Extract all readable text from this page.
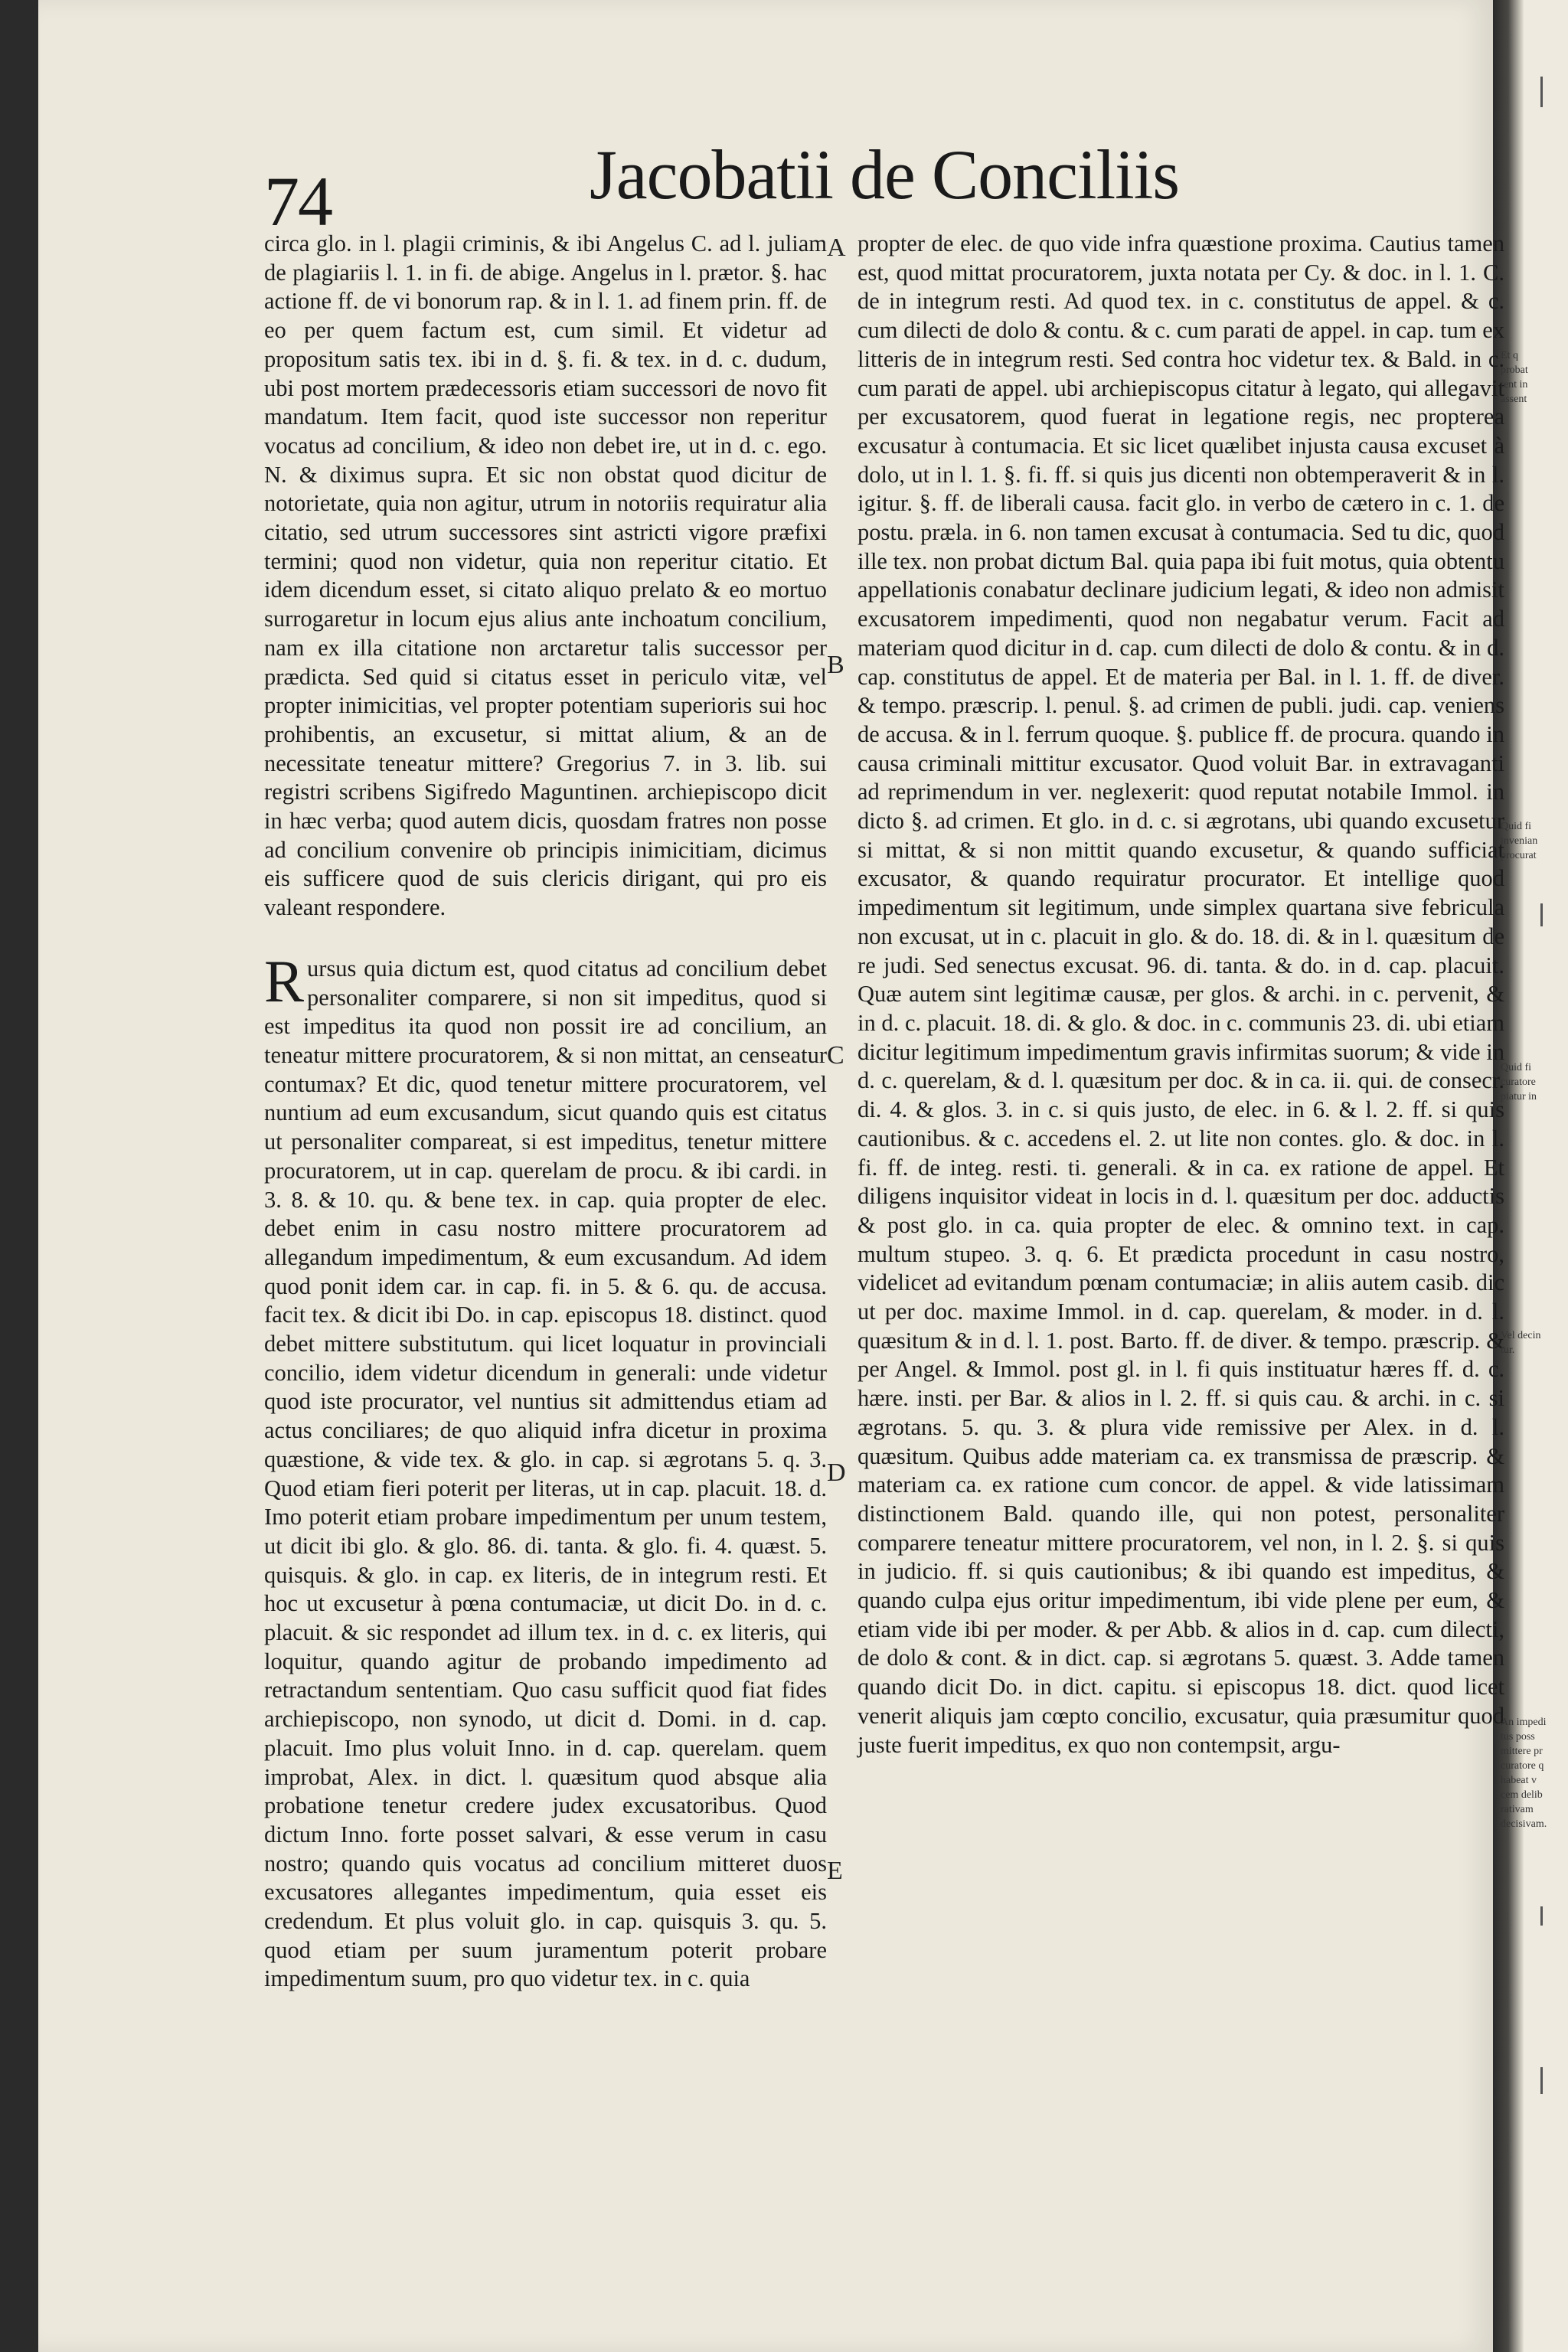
74	Jacobatii de Conciliis

circa glo. in l. plagii criminis, & ibi Angelus C. ad l. juliam de plagiariis l. 1. in fi. de abige. Angelus in l. prætor. §. hac actione ff. de vi bonorum rap. & in l. 1. ad finem prin. ff. de eo per quem factum est, cum simil. Et videtur ad propositum satis tex. ibi in d. §. fi. & tex. in d. c. dudum, ubi post mortem prædecessoris etiam successori de novo fit mandatum. Item facit, quod iste successor non reperitur vocatus ad concilium, & ideo non debet ire, ut in d. c. ego. N. & diximus supra. Et sic non obstat quod dicitur de notorietate, quia non agitur, utrum in notoriis requiratur alia citatio, sed utrum successores sint astricti vigore præfixi termini; quod non videtur, quia non reperitur citatio. Et idem dicendum esset, si citato aliquo prelato & eo mortuo surrogaretur in locum ejus alius ante inchoatum concilium, nam ex illa citatione non arctaretur talis successor per prædicta. Sed quid si citatus esset in periculo vitæ, vel propter inimicitias, vel propter potentiam superioris sui hoc prohibentis, an excusetur, si mittat alium, & an de necessitate teneatur mittere? Gregorius 7. in 3. lib. sui registri scribens Sigifredo Maguntinen. archiepiscopo dicit in hæc verba; quod autem dicis, quosdam fratres non posse ad concilium convenire ob principis inimicitiam, dicimus eis sufficere quod de suis clericis dirigant, qui pro eis valeant respondere.

Rursus quia dictum est, quod citatus ad concilium debet personaliter comparere, si non sit impeditus, quod si est impeditus ita quod non possit ire ad concilium, an teneatur mittere procuratorem, & si non mittat, an censeatur contumax? Et dic, quod tenetur mittere procuratorem, vel nuntium ad eum excusandum, sicut quando quis est citatus ut personaliter compareat, si est impeditus, tenetur mittere procuratorem, ut in cap. querelam de procu. & ibi cardi. in 3. 8. & 10. qu. & bene tex. in cap. quia propter de elec. debet enim in casu nostro mittere procuratorem ad allegandum impedimentum, & eum excusandum. Ad idem quod ponit idem car. in cap. fi. in 5. & 6. qu. de accusa. facit tex. & dicit ibi Do. in cap. episcopus 18. distinct. quod debet mittere substitutum. qui licet loquatur in provinciali concilio, idem videtur dicendum in generali: unde videtur quod iste procurator, vel nuntius sit admittendus etiam ad actus conciliares; de quo aliquid infra dicetur in proxima quæstione, & vide tex. & glo. in cap. si ægrotans 5. q. 3. Quod etiam fieri poterit per literas, ut in cap. placuit. 18. d. Imo poterit etiam probare impedimentum per unum testem, ut dicit ibi glo. & glo. 86. di. tanta. & glo. fi. 4. quæst. 5. quisquis. & glo. in cap. ex literis, de in integrum resti. Et hoc ut excusetur à pœna contumaciæ, ut dicit Do. in d. c. placuit. & sic respondet ad illum tex. in d. c. ex literis, qui loquitur, quando agitur de probando impedimento ad retractandum sententiam. Quo casu sufficit quod fiat fides archiepiscopo, non synodo, ut dicit d. Domi. in d. cap. placuit. Imo plus voluit Inno. in d. cap. querelam. quem improbat, Alex. in dict. l. quæsitum quod absque alia probatione tenetur credere judex excusatoribus. Quod dictum Inno. forte posset salvari, & esse verum in casu nostro; quando quis vocatus ad concilium mitteret duos excusatores allegantes impedimentum, quia esset eis credendum. Et plus voluit glo. in cap. quisquis 3. qu. 5. quod etiam per suum juramentum poterit probare impedimentum suum, pro quo videtur tex. in c. quia

propter de elec. de quo vide infra quæstione proxima. Cautius tamen est, quod mittat procuratorem, juxta notata per Cy. & doc. in l. 1. C. de in integrum resti. Ad quod tex. in c. constitutus de appel. & c. cum dilecti de dolo & contu. & c. cum parati de appel. in cap. tum ex litteris de in integrum resti. Sed contra hoc videtur tex. & Bald. in c. cum parati de appel. ubi archiepiscopus citatur à legato, qui allegavit per excusatorem, quod fuerat in legatione regis, nec propterea excusatur à contumacia. Et sic licet quælibet injusta causa excuset à dolo, ut in l. 1. §. fi. ff. si quis jus dicenti non obtemperaverit & in l. igitur. §. ff. de liberali causa. facit glo. in verbo de cætero in c. 1. de postu. præla. in 6. non tamen excusat à contumacia. Sed tu dic, quod ille tex. non probat dictum Bal. quia papa ibi fuit motus, quia obtentu appellationis conabatur declinare judicium legati, & ideo non admisit excusatorem impedimenti, quod non negabatur verum. Facit ad materiam quod dicitur in d. cap. cum dilecti de dolo & contu. & in d. cap. constitutus de appel. Et de materia per Bal. in l. 1. ff. de diver. & tempo. præscrip. l. penul. §. ad crimen de publi. judi. cap. veniens de accusa. & in l. ferrum quoque. §. publice ff. de procura. quando in causa criminali mittitur excusator. Quod voluit Bar. in extravaganti ad reprimendum in ver. neglexerit: quod reputat notabile Immol. in dicto §. ad crimen. Et glo. in d. c. si ægrotans, ubi quando excusetur si mittat, & si non mittit quando excusetur, & quando sufficiat excusator, & quando requiratur procurator. Et intellige quod impedimentum sit legitimum, unde simplex quartana sive febricula non excusat, ut in c. placuit in glo. & do. 18. di. & in l. quæsitum de re judi. Sed senectus excusat. 96. di. tanta. & do. in d. cap. placuit. Quæ autem sint legitimæ causæ, per glos. & archi. in c. pervenit, & in d. c. placuit. 18. di. & glo. & doc. in c. communis 23. di. ubi etiam dicitur legitimum impedimentum gravis infirmitas suorum; & vide in d. c. querelam, & d. l. quæsitum per doc. & in ca. ii. qui. de consecr. di. 4. & glos. 3. in c. si quis justo, de elec. in 6. & l. 2. ff. si quis cautionibus. & c. accedens el. 2. ut lite non contes. glo. & doc. in l. fi. ff. de integ. resti. ti. generali. & in ca. ex ratione de appel. Et diligens inquisitor videat in locis in d. l. quæsitum per doc. adductis & post glo. in ca. quia propter de elec. & omnino text. in cap. multum stupeo. 3. q. 6. Et prædicta procedunt in casu nostro, videlicet ad evitandum pœnam contumaciæ; in aliis autem casib. dic ut per doc. maxime Immol. in d. cap. querelam, & moder. in d. l. quæsitum & in d. l. 1. post. Barto. ff. de diver. & tempo. præscrip. & per Angel. & Immol. post gl. in l. fi quis instituatur hæres ff. d. c. hære. insti. per Bar. & alios in l. 2. ff. si quis cau. & archi. in c. si ægrotans. 5. qu. 3. & plura vide remissive per Alex. in d. l. quæsitum. Quibus adde materiam ca. ex transmissa de præscrip. & materiam ca. ex ratione cum concor. de appel. & vide latissimam distinctionem Bald. quando ille, qui non potest, personaliter comparere teneatur mittere procuratorem, vel non, in l. 2. §. si quis in judicio. ff. si quis cautionibus; & ibi quando est impeditus, & quando culpa ejus oritur impedimentum, ibi vide plene per eum, & etiam vide ibi per moder. & per Abb. & alios in d. cap. cum dilecti, de dolo & cont. & in dict. cap. si ægrotans 5. quæst. 3. Adde tamen quando dicit Do. in dict. capitu. si episcopus 18. dict. quod licet venerit aliquis jam cœpto concilio, excusatur, quia præsumitur quod juste fuerit impeditus, ex quo non contempsit, argu-

A
B
C
D
E
Et q
probat
tent in
assent
Quid fi
invenian
procurat
Quid fi
curatore
piatur in
Vel decin
tur.
An impedi
tus poss
mittere pr
curatore q
habeat v
cem delib
rativam
decisivam.
